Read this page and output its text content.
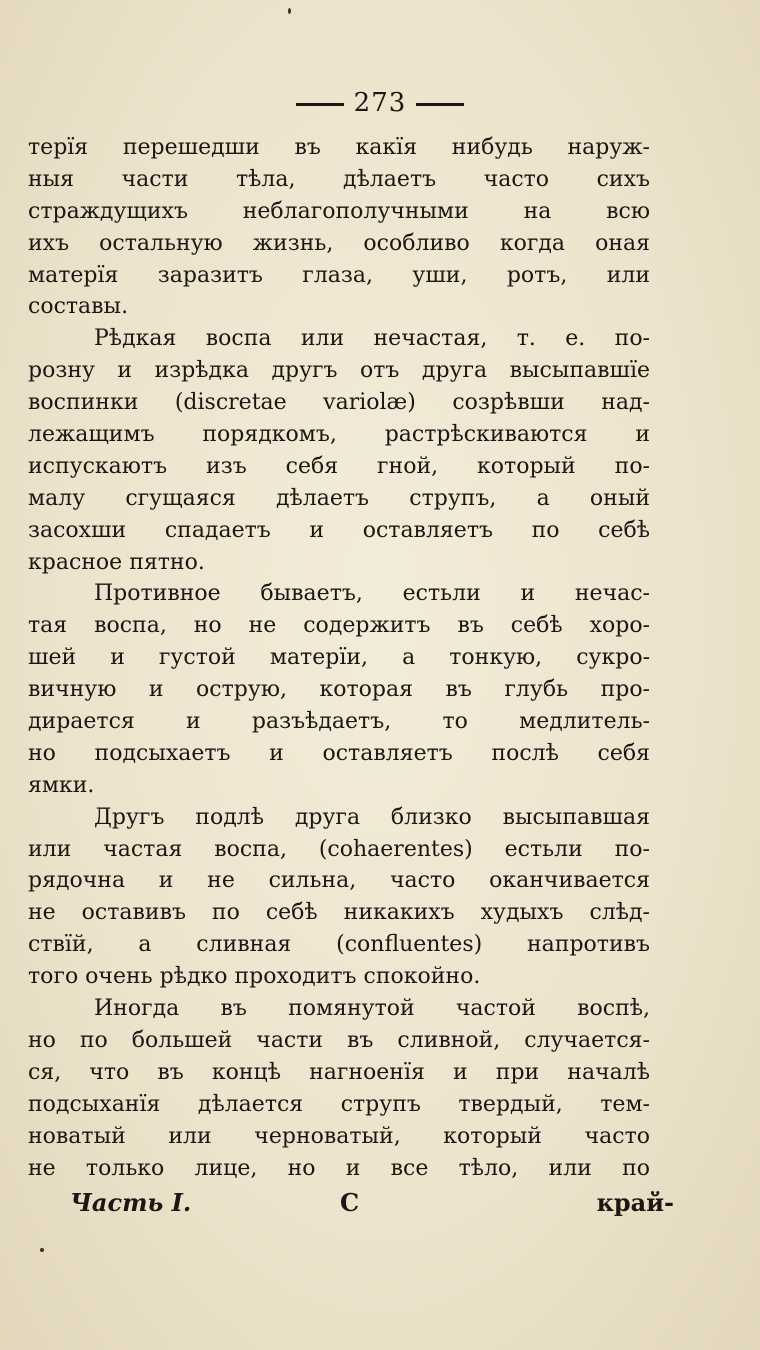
273
терїя перешедши въ какїя нибудь наруж-
ныя части тѣла, дѣлаетъ часто сихъ
страждущихъ неблагополучными на всю
ихъ остальную жизнь, особливо когда оная
матерїя заразитъ глаза, уши, ротъ, или
составы.
Рѣдкая воспа или нечастая, т. е. по-
розну и изрѣдка другъ отъ друга высыпавшїе
воспинки (discretae variolæ) созрѣвши над-
лежащимъ порядкомъ, растрѣскиваются и
испускаютъ изъ себя гной, который по-
малу сгущаяся дѣлаетъ струпъ, а оный
засохши спадаетъ и оставляетъ по себѣ
красное пятно.
Противное бываетъ, естьли и нечас-
тая воспа, но не содержитъ въ себѣ хоро-
шей и густой матерїи, а тонкую, сукро-
вичную и острую, которая въ глубь про-
дирается и разъѣдаетъ, то медлитель-
но подсыхаетъ и оставляетъ послѣ себя
ямки.
Другъ подлѣ друга близко высыпавшая
или частая воспа, (cohaerentes) естьли по-
рядочна и не сильна, часто оканчивается
не оставивъ по себѣ никакихъ худыхъ слѣд-
ствїй, а сливная (confluentes) напротивъ
того очень рѣдко проходитъ спокойно.
Иногда въ помянутой частой воспѣ,
но по большей части въ сливной, случается-
ся, что въ концѣ нагноенїя и при началѣ
подсыханїя дѣлается струпъ твердый, тем-
новатый или черноватый, который часто
не только лице, но и все тѣло, или по
Часть I.	С	край-
